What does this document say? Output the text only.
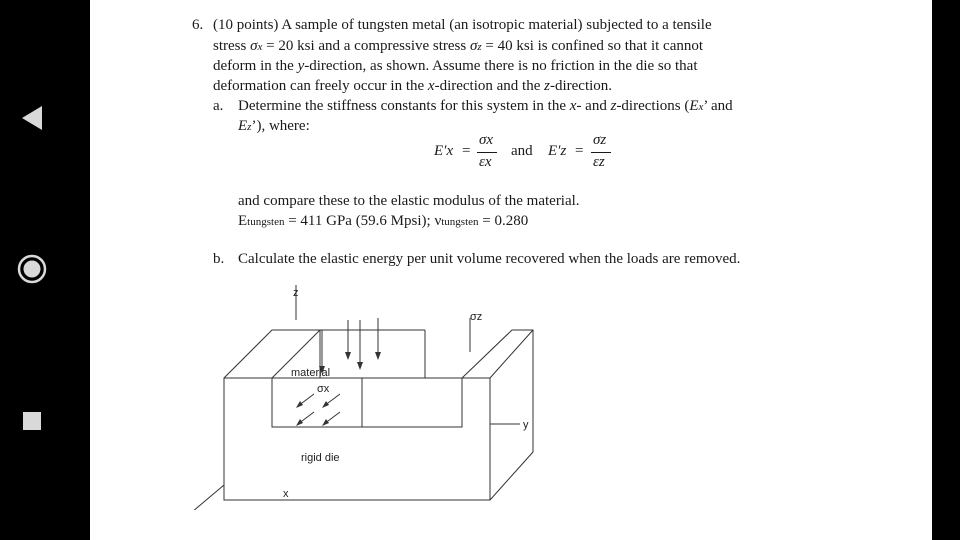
6. (10 points) A sample of tungsten metal (an isotropic material) subjected to a tensile
stress σx = 20 ksi and a compressive stress σz = 40 ksi is confined so that it cannot
deform in the y-direction, as shown. Assume there is no friction in the die so that
deformation can freely occur in the x-direction and the z-direction.
a. Determine the stiffness constants for this system in the x- and z-directions (Ex’ and
Ez’), where:
E′x =
σx
εx
and E′z =
σz
εz
and compare these to the elastic modulus of the material.
Etungsten = 411 GPa (59.6 Mpsi); νtungsten = 0.280
b. Calculate the elastic energy per unit volume recovered when the loads are removed.
z
σz
material
σx
y
rigid die
x
